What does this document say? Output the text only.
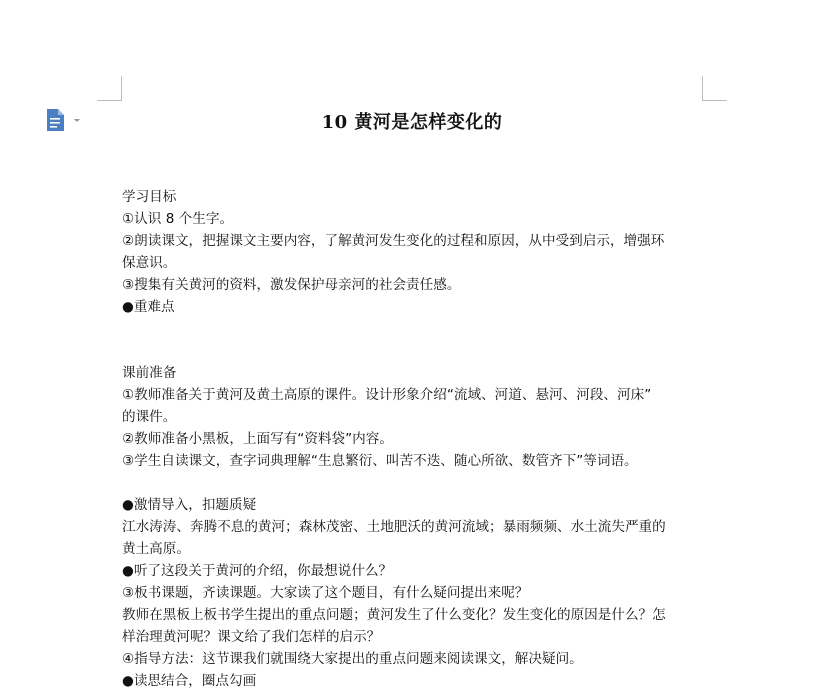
10 黄河是怎样变化的
学习目标
①认识 8 个生字。
②朗读课文，把握课文主要内容，了解黄河发生变化的过程和原因，从中受到启示，增强环
保意识。
③搜集有关黄河的资料，激发保护母亲河的社会责任感。
●重难点
课前准备
①教师准备关于黄河及黄土高原的课件。设计形象介绍“流域、河道、悬河、河段、河床”
的课件。
②教师准备小黑板，上面写有“资料袋”内容。
③学生自读课文，查字词典理解“生息繁衍、叫苦不迭、随心所欲、数管齐下”等词语。
●激情导入，扣题质疑
江水涛涛、奔腾不息的黄河；森林茂密、土地肥沃的黄河流域；暴雨频频、水土流失严重的
黄土高原。
●听了这段关于黄河的介绍，你最想说什么？
③板书课题，齐读课题。大家读了这个题目，有什么疑问提出来呢？
教师在黑板上板书学生提出的重点问题；黄河发生了什么变化？发生变化的原因是什么？怎
样治理黄河呢？课文给了我们怎样的启示？
④指导方法：这节课我们就围绕大家提出的重点问题来阅读课文，解决疑问。
●读思结合，圈点勾画
